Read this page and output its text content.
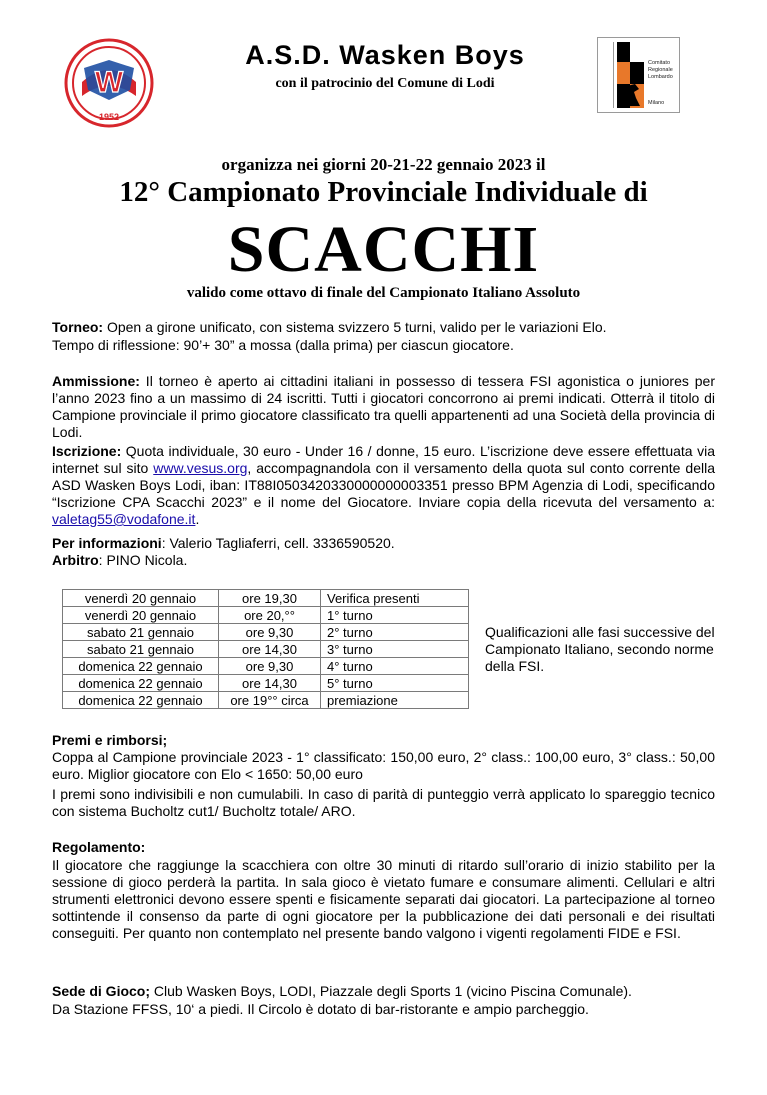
W
1952
A.S.D. Wasken Boys
con il patrocinio del Comune di Lodi
Comitato
Regionale
Lombardo
Milano
organizza nei giorni 20-21-22 gennaio 2023 il
12° Campionato Provinciale Individuale di
SCACCHI
valido come ottavo di finale del Campionato Italiano Assoluto
Torneo: Open a girone unificato, con sistema svizzero 5 turni, valido per le variazioni Elo.
Tempo di riflessione: 90’+ 30” a mossa (dalla prima) per ciascun giocatore.
Ammissione: Il torneo è aperto ai cittadini italiani in possesso di tessera FSI agonistica o juniores per l’anno 2023 fino a un massimo di 24 iscritti. Tutti i giocatori concorrono ai premi indicati. Otterrà il titolo di Campione provinciale il primo giocatore classificato tra quelli appartenenti ad una Società della provincia di Lodi.
Iscrizione: Quota individuale, 30 euro - Under 16 / donne, 15 euro. L’iscrizione deve essere effettuata via internet sul sito www.vesus.org, accompagnandola con il versamento della quota sul conto corrente della ASD Wasken Boys Lodi, iban: IT88I0503420330000000003351 presso BPM Agenzia di Lodi, specificando “Iscrizione CPA Scacchi 2023” e il nome del Giocatore. Inviare copia della ricevuta del versamento a: valetag55@vodafone.it.
Per informazioni: Valerio Tagliaferri, cell. 3336590520.
Arbitro: PINO Nicola.
venerdì 20 gennaio	ore 19,30	Verifica presenti
venerdì 20 gennaio	ore 20,°°	1° turno
sabato 21 gennaio	ore 9,30	2° turno
sabato 21 gennaio	ore 14,30	3° turno
domenica 22 gennaio	ore 9,30	4° turno
domenica 22 gennaio	ore 14,30	5° turno
domenica 22 gennaio	ore 19°° circa	premiazione
Qualificazioni alle fasi successive del Campionato Italiano, secondo norme della FSI.
Premi e rimborsi;
Coppa al Campione provinciale 2023 - 1° classificato: 150,00 euro, 2° class.: 100,00 euro, 3° class.: 50,00 euro. Miglior giocatore con Elo < 1650: 50,00 euro
I premi sono indivisibili e non cumulabili. In caso di parità di punteggio verrà applicato lo spareggio tecnico con sistema Bucholtz cut1/ Bucholtz totale/ ARO.
Regolamento:
Il giocatore che raggiunge la scacchiera con oltre 30 minuti di ritardo sull’orario di inizio stabilito per la sessione di gioco perderà la partita. In sala gioco è vietato fumare e consumare alimenti. Cellulari e altri strumenti elettronici devono essere spenti e fisicamente separati dai giocatori. La partecipazione al torneo sottintende il consenso da parte di ogni giocatore per la pubblicazione dei dati personali e dei risultati conseguiti. Per quanto non contemplato nel presente bando valgono i vigenti regolamenti FIDE e FSI.
Sede di Gioco; Club Wasken Boys, LODI, Piazzale degli Sports 1 (vicino Piscina Comunale).
Da Stazione FFSS, 10‘ a piedi. Il Circolo è dotato di bar-ristorante e ampio parcheggio.
